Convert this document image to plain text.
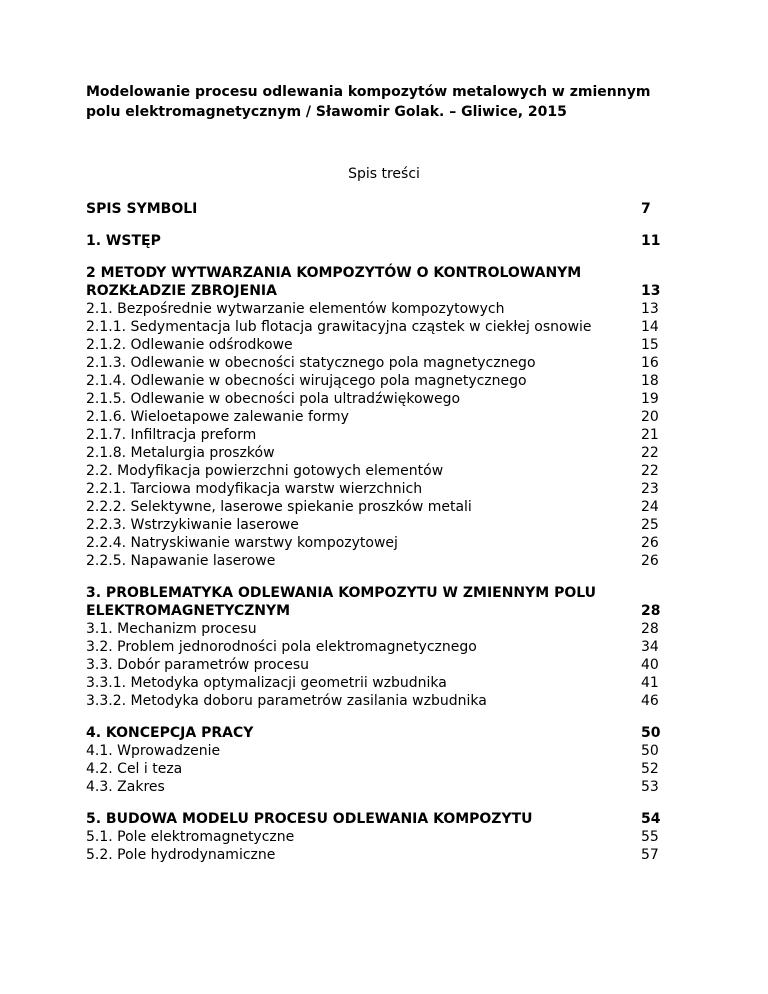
Modelowanie procesu odlewania kompozytów metalowych w zmiennym polu elektromagnetycznym / Sławomir Golak. – Gliwice, 2015
Spis treści
SPIS SYMBOLI	7
1. WSTĘP	11
2 METODY WYTWARZANIA KOMPOZYTÓW O KONTROLOWANYM ROZKŁADZIE ZBROJENIA	13
2.1. Bezpośrednie wytwarzanie elementów kompozytowych	13
2.1.1. Sedymentacja lub flotacja grawitacyjna cząstek w ciekłej osnowie	14
2.1.2. Odlewanie odśrodkowe	15
2.1.3. Odlewanie w obecności statycznego pola magnetycznego	16
2.1.4. Odlewanie w obecności wirującego pola magnetycznego	18
2.1.5. Odlewanie w obecności pola ultradźwiękowego	19
2.1.6. Wieloetapowe zalewanie formy	20
2.1.7. Infiltracja preform	21
2.1.8. Metalurgia proszków	22
2.2. Modyfikacja powierzchni gotowych elementów	22
2.2.1. Tarciowa modyfikacja warstw wierzchnich	23
2.2.2. Selektywne, laserowe spiekanie proszków metali	24
2.2.3. Wstrzykiwanie laserowe	25
2.2.4. Natryskiwanie warstwy kompozytowej	26
2.2.5. Napawanie laserowe	26
3. PROBLEMATYKA ODLEWANIA KOMPOZYTU W ZMIENNYM POLU ELEKTROMAGNETYCZNYM	28
3.1. Mechanizm procesu	28
3.2. Problem jednorodności pola elektromagnetycznego	34
3.3. Dobór parametrów procesu	40
3.3.1. Metodyka optymalizacji geometrii wzbudnika	41
3.3.2. Metodyka doboru parametrów zasilania wzbudnika	46
4. KONCEPCJA PRACY	50
4.1. Wprowadzenie	50
4.2. Cel i teza	52
4.3. Zakres	53
5. BUDOWA MODELU PROCESU ODLEWANIA KOMPOZYTU	54
5.1. Pole elektromagnetyczne	55
5.2. Pole hydrodynamiczne	57
